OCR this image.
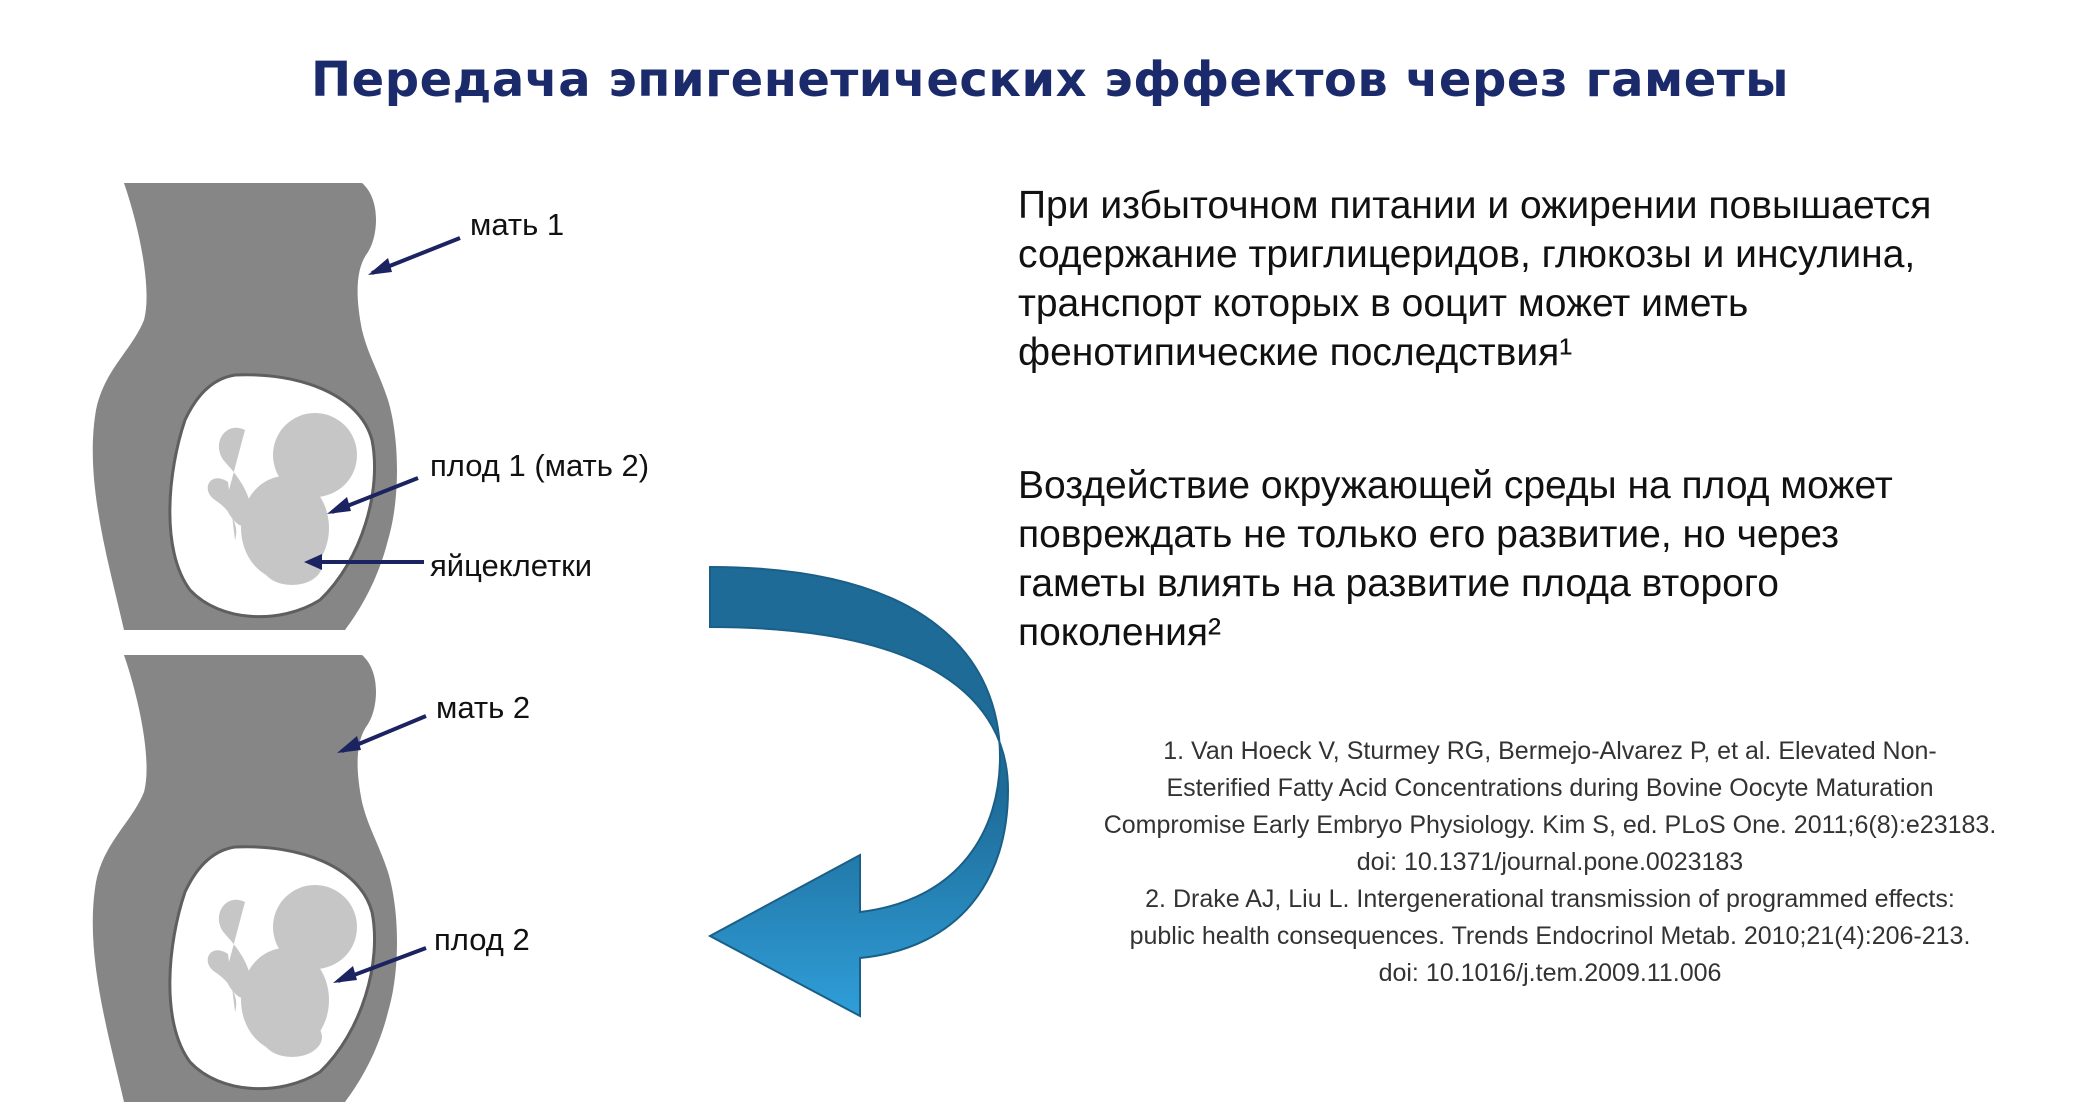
Передача эпигенетических эффектов через гаметы
мать 1
плод 1 (мать 2)
яйцеклетки
мать 2
плод 2

При избыточном питании и ожирении повышается

содержание триглицеридов, глюкозы и инсулина,

транспорт которых в ооцит может иметь

фенотипические последствия¹

Воздействие окружающей среды на плод может

повреждать не только его развитие, но через

гаметы влиять на развитие плода второго

поколения²

1. Van Hoeck V, Sturmey RG, Bermejo-Alvarez P, et al. Elevated Non-

Esterified Fatty Acid Concentrations during Bovine Oocyte Maturation

Compromise Early Embryo Physiology. Kim S, ed. PLoS One. 2011;6(8):e23183.

doi: 10.1371/journal.pone.0023183

2. Drake AJ, Liu L. Intergenerational transmission of programmed effects:

public health consequences. Trends Endocrinol Metab. 2010;21(4):206-213.

doi: 10.1016/j.tem.2009.11.006
